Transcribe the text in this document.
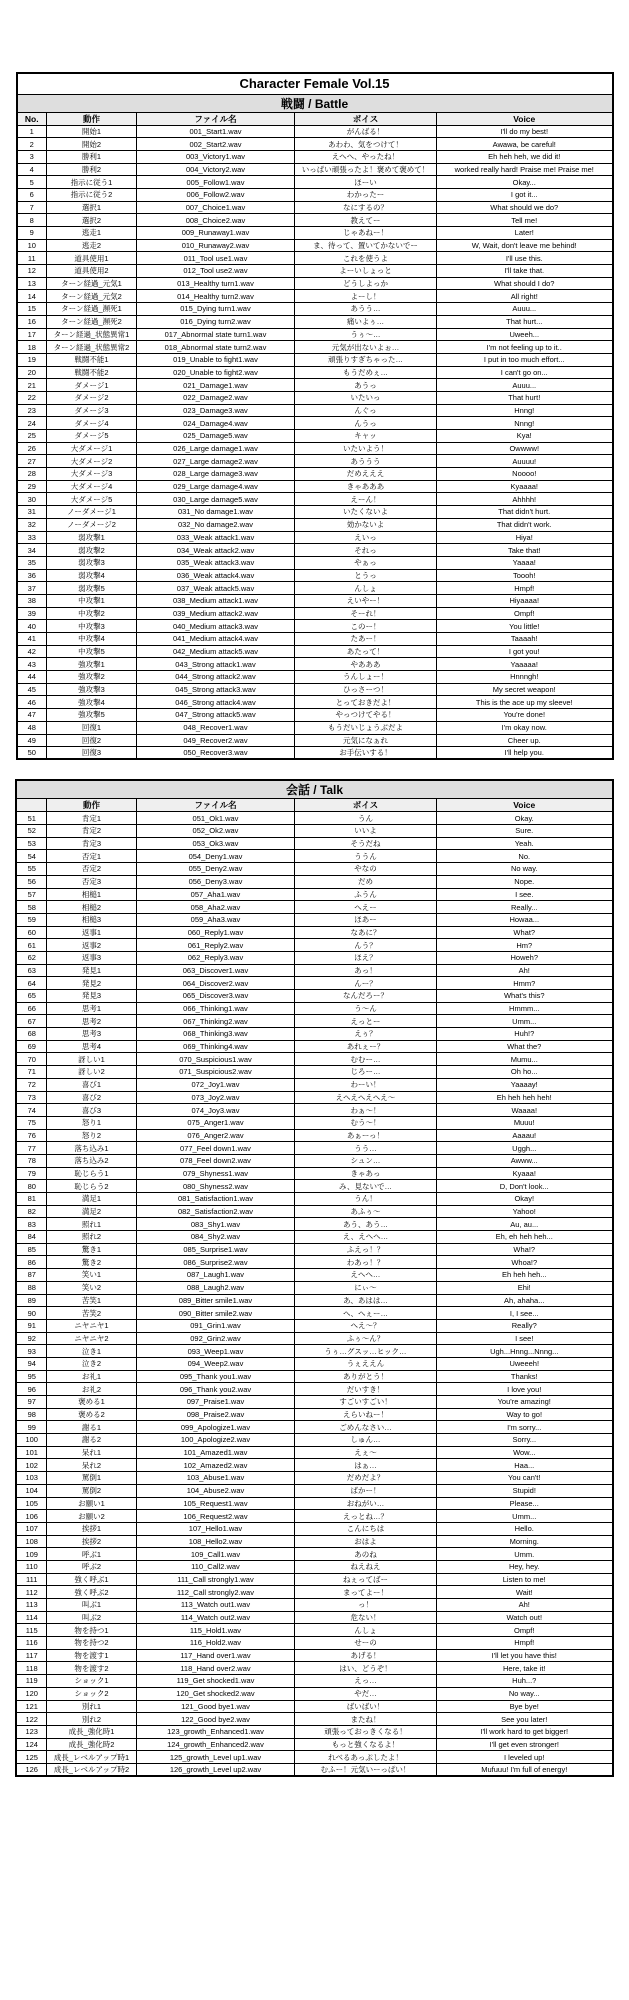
Character Female Vol.15				
戦闘 / Battle				
No.	動作	ファイル名	ボイス	Voice
1	開始1	001_Start1.wav	がんばる！	I'll do my best!
2	開始2	002_Start2.wav	あわわ、気をつけて！	Awawa, be careful!
3	勝利1	003_Victory1.wav	えへへ、やったね！	Eh heh heh, we did it!
4	勝利2	004_Victory2.wav	いっぱい頑張ったよ！褒めて褒めて！	worked really hard! Praise me! Praise me!
5	指示に従う1	005_Follow1.wav	ほーい	Okay...
6	指示に従う2	006_Follow2.wav	わかったー	I got it...
7	選択1	007_Choice1.wav	なにするの？	What should we do?
8	選択2	008_Choice2.wav	教えてー	Tell me!
9	逃走1	009_Runaway1.wav	じゃあねー！	Later!
10	逃走2	010_Runaway2.wav	ま、待って、置いてかないでー	W, Wait, don't leave me behind!
11	道具使用1	011_Tool use1.wav	これを使うよ	I'll use this.
12	道具使用2	012_Tool use2.wav	よーいしょっと	I'll take that.
13	ターン経過_元気1	013_Healthy turn1.wav	どうしよっか	What should I do?
14	ターン経過_元気2	014_Healthy turn2.wav	よーし！	All right!
15	ターン経過_瀕死1	015_Dying turn1.wav	あうう…	Auuu...
16	ターン経過_瀕死2	016_Dying turn2.wav	痛いよぅ…	That hurt...
17	ターン経過_状態異常1	017_Abnormal state turn1.wav	うぅ～…	Uweeh...
18	ターン経過_状態異常2	018_Abnormal state turn2.wav	元気が出ないよぉ…	I'm not feeling up to it..
19	戦闘不能1	019_Unable to fight1.wav	頑張りすぎちゃった…	I put in too much effort...
20	戦闘不能2	020_Unable to fight2.wav	もうだめぇ…	I can't go on...
21	ダメージ1	021_Damage1.wav	あうっ	Auuu...
22	ダメージ2	022_Damage2.wav	いたいっ	That hurt!
23	ダメージ3	023_Damage3.wav	んぐっ	Hnng!
24	ダメージ4	024_Damage4.wav	んうっ	Nnng!
25	ダメージ5	025_Damage5.wav	キャッ	Kya!
26	大ダメージ1	026_Large damage1.wav	いたいよう！	Owwww!
27	大ダメージ2	027_Large damage2.wav	あううう	Auuuu!
28	大ダメージ3	028_Large damage3.wav	だめえええ	Noooo!
29	大ダメージ4	029_Large damage4.wav	きゃあああ	Kyaaaa!
30	大ダメージ5	030_Large damage5.wav	えーん！	Ahhhh!
31	ノーダメージ1	031_No damage1.wav	いたくないよ	That didn't hurt.
32	ノーダメージ2	032_No damage2.wav	効かないよ	That didn't work.
33	弱攻撃1	033_Weak attack1.wav	えいっ	Hiya!
34	弱攻撃2	034_Weak attack2.wav	それっ	Take that!
35	弱攻撃3	035_Weak attack3.wav	やぁっ	Yaaaa!
36	弱攻撃4	036_Weak attack4.wav	とうっ	Toooh!
37	弱攻撃5	037_Weak attack5.wav	んしょ	Hmpf!
38	中攻撃1	038_Medium attack1.wav	えいやー！	Hiyaaaa!
39	中攻撃2	039_Medium attack2.wav	そーれ！	Ompf!
40	中攻撃3	040_Medium attack3.wav	このー！	You little!
41	中攻撃4	041_Medium attack4.wav	たあー！	Taaaah!
42	中攻撃5	042_Medium attack5.wav	あたって！	I got you!
43	強攻撃1	043_Strong attack1.wav	やあああ	Yaaaaa!
44	強攻撃2	044_Strong attack2.wav	うんしょー！	Hnnngh!
45	強攻撃3	045_Strong attack3.wav	ひっさーつ！	My secret weapon!
46	強攻撃4	046_Strong attack4.wav	とっておきだよ！	This is the ace up my sleeve!
47	強攻撃5	047_Strong attack5.wav	やっつけてやる！	You're done!
48	回復1	048_Recover1.wav	もうだいじょうぶだよ	I'm okay now.
49	回復2	049_Recover2.wav	元気になぁれ	Cheer up.
50	回復3	050_Recover3.wav	お手伝いする！	I'll help you.
会話 / Talk				
	動作	ファイル名	ボイス	Voice
51	肯定1	051_Ok1.wav	うん	Okay.
52	肯定2	052_Ok2.wav	いいよ	Sure.
53	肯定3	053_Ok3.wav	そうだね	Yeah.
54	否定1	054_Deny1.wav	ううん	No.
55	否定2	055_Deny2.wav	やなの	No way.
56	否定3	056_Deny3.wav	だめ	Nope.
57	相槌1	057_Aha1.wav	ふうん	I see.
58	相槌2	058_Aha2.wav	へえー	Really...
59	相槌3	059_Aha3.wav	ほあー	Howaa...
60	返事1	060_Reply1.wav	なあに？	What?
61	返事2	061_Reply2.wav	んう？	Hm?
62	返事3	062_Reply3.wav	ほえ？	Howeh?
63	発見1	063_Discover1.wav	あっ！	Ah!
64	発見2	064_Discover2.wav	んー？	Hmm?
65	発見3	065_Discover3.wav	なんだろー？	What's this?
66	思考1	066_Thinking1.wav	う～ん	Hmmm...
67	思考2	067_Thinking2.wav	えっとー	Umm...
68	思考3	068_Thinking3.wav	えぅ？	Huh!?
69	思考4	069_Thinking4.wav	あれぇー？	What the?
70	訝しい1	070_Suspicious1.wav	むむー…	Mumu...
71	訝しい2	071_Suspicious2.wav	じろー…	Oh ho...
72	喜び1	072_Joy1.wav	わーい！	Yaaaay!
73	喜び2	073_Joy2.wav	えへえへえへえ～	Eh heh heh heh!
74	喜び3	074_Joy3.wav	わぁ～！	Waaaa!
75	怒り1	075_Anger1.wav	むう～！	Muuu!
76	怒り2	076_Anger2.wav	あぁーっ！	Aaaau!
77	落ち込み1	077_Feel down1.wav	うう…	Uggh...
78	落ち込み2	078_Feel down2.wav	シュン…	Awww...
79	恥じらう1	079_Shyness1.wav	きゃあっ	Kyaaa!
80	恥じらう2	080_Shyness2.wav	み、見ないで…	D, Don't look...
81	満足1	081_Satisfaction1.wav	うん！	Okay!
82	満足2	082_Satisfaction2.wav	あふぅ～	Yahoo!
83	照れ1	083_Shy1.wav	あう、あう…	Au, au...
84	照れ2	084_Shy2.wav	え、えへへ…	Eh, eh heh heh...
85	驚き1	085_Surprise1.wav	ふえっ！？	Wha!?
86	驚き2	086_Surprise2.wav	わあっ！？	Whoa!?
87	笑い1	087_Laugh1.wav	えへへ…	Eh heh heh...
88	笑い2	088_Laugh2.wav	にぃ～	Ehi!
89	苦笑1	089_Bitter smile1.wav	あ、あはは…	Ah, ahaha...
90	苦笑2	090_Bitter smile2.wav	へ、へぇー…	I, I see...
91	ニヤニヤ1	091_Grin1.wav	へえ～？	Really?
92	ニヤニヤ2	092_Grin2.wav	ふぅ～ん？	I see!
93	泣き1	093_Weep1.wav	うぅ…グスッ…ヒック…	Ugh...Hnng...Nnng...
94	泣き2	094_Weep2.wav	うぇええん	Uweeeh!
95	お礼1	095_Thank you1.wav	ありがとう！	Thanks!
96	お礼2	096_Thank you2.wav	だいすき！	I love you!
97	褒める1	097_Praise1.wav	すごいすごい！	You're amazing!
98	褒める2	098_Praise2.wav	えらいねー！	Way to go!
99	謝る1	099_Apologize1.wav	ごめんなさい…	I'm sorry...
100	謝る2	100_Apologize2.wav	しゅん…	Sorry...
101	呆れ1	101_Amazed1.wav	えぇ～	Wow...
102	呆れ2	102_Amazed2.wav	はぁ…	Haa...
103	罵倒1	103_Abuse1.wav	だめだよ？	You can't!
104	罵倒2	104_Abuse2.wav	ばかー！	Stupid!
105	お願い1	105_Request1.wav	おねがい…	Please...
106	お願い2	106_Request2.wav	えっとね…？	Umm...
107	挨拶1	107_Hello1.wav	こんにちは	Hello.
108	挨拶2	108_Hello2.wav	おはよ	Morning.
109	呼ぶ1	109_Call1.wav	あのね	Umm.
110	呼ぶ2	110_Call2.wav	ねえねえ	Hey, hey.
111	強く呼ぶ1	111_Call strongly1.wav	ねぇってばー	Listen to me!
112	強く呼ぶ2	112_Call strongly2.wav	まってよー！	Wait!
113	叫ぶ1	113_Watch out1.wav	っ！	Ah!
114	叫ぶ2	114_Watch out2.wav	危ない！	Watch out!
115	物を持つ1	115_Hold1.wav	んしょ	Ompf!
116	物を持つ2	116_Hold2.wav	せーの	Hmpf!
117	物を渡す1	117_Hand over1.wav	あげる！	I'll let you have this!
118	物を渡す2	118_Hand over2.wav	はい、どうぞ！	Here, take it!
119	ショック1	119_Get shocked1.wav	えっ…	Huh...?
120	ショック2	120_Get shocked2.wav	やだ…	No way...
121	別れ1	121_Good bye1.wav	ばいばい！	Bye bye!
122	別れ2	122_Good bye2.wav	またね！	See you later!
123	成長_強化時1	123_growth_Enhanced1.wav	頑張っておっきくなる！	I'll work hard to get bigger!
124	成長_強化時2	124_growth_Enhanced2.wav	もっと強くなるよ！	I'll get even stronger!
125	成長_レベルアップ時1	125_growth_Level up1.wav	れべるあっぷしたよ！	I leveled up!
126	成長_レベルアップ時2	126_growth_Level up2.wav	むふー！元気いーっぱい！	Mufuuu! I'm full of energy!
